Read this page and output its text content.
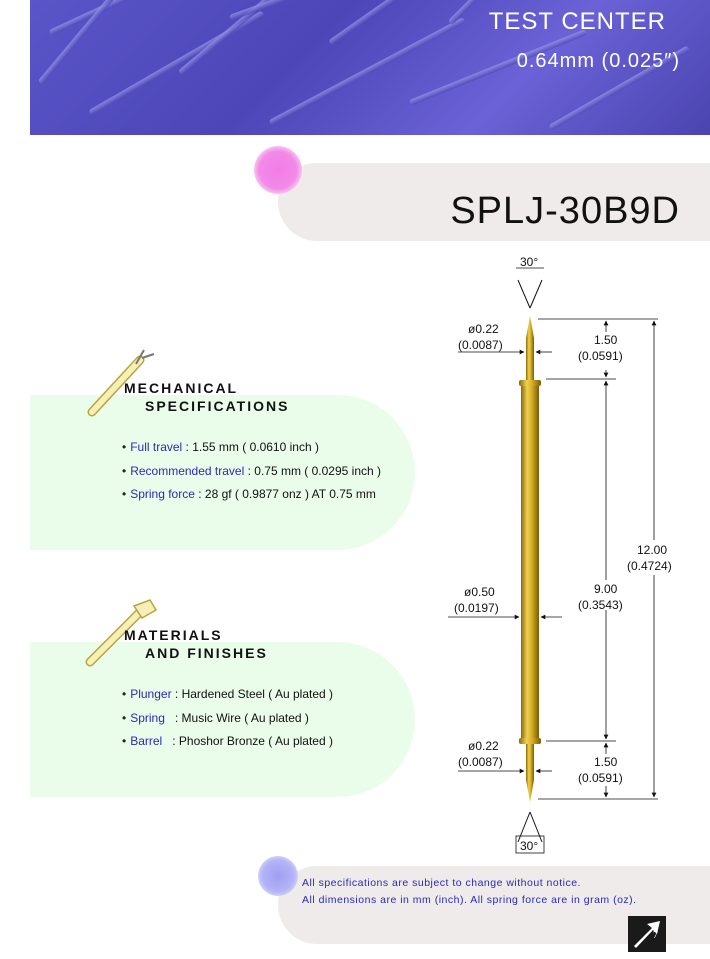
TEST CENTER
0.64mm (0.025″)
SPLJ-30B9D
MECHANICAL
SPECIFICATIONS
• Full travel : 1.55 mm ( 0.0610 inch )
• Recommended travel : 0.75 mm ( 0.0295 inch )
• Spring force : 28 gf ( 0.9877 onz ) AT 0.75 mm
MATERIALS
AND FINISHES
• Plunger : Hardened Steel ( Au plated )
• Spring   : Music Wire ( Au plated )
• Barrel   : Phoshor Bronze ( Au plated )
30°
30°
ø0.22
(0.0087)	1.50
(0.0591)
9.00
(0.3543)
12.00
(0.4724)
ø0.50
(0.0197)
ø0.22
(0.0087)	1.50
(0.0591)
All specifications are subject to change without notice.
All dimensions are in mm (inch). All spring force are in gram (oz).
7
